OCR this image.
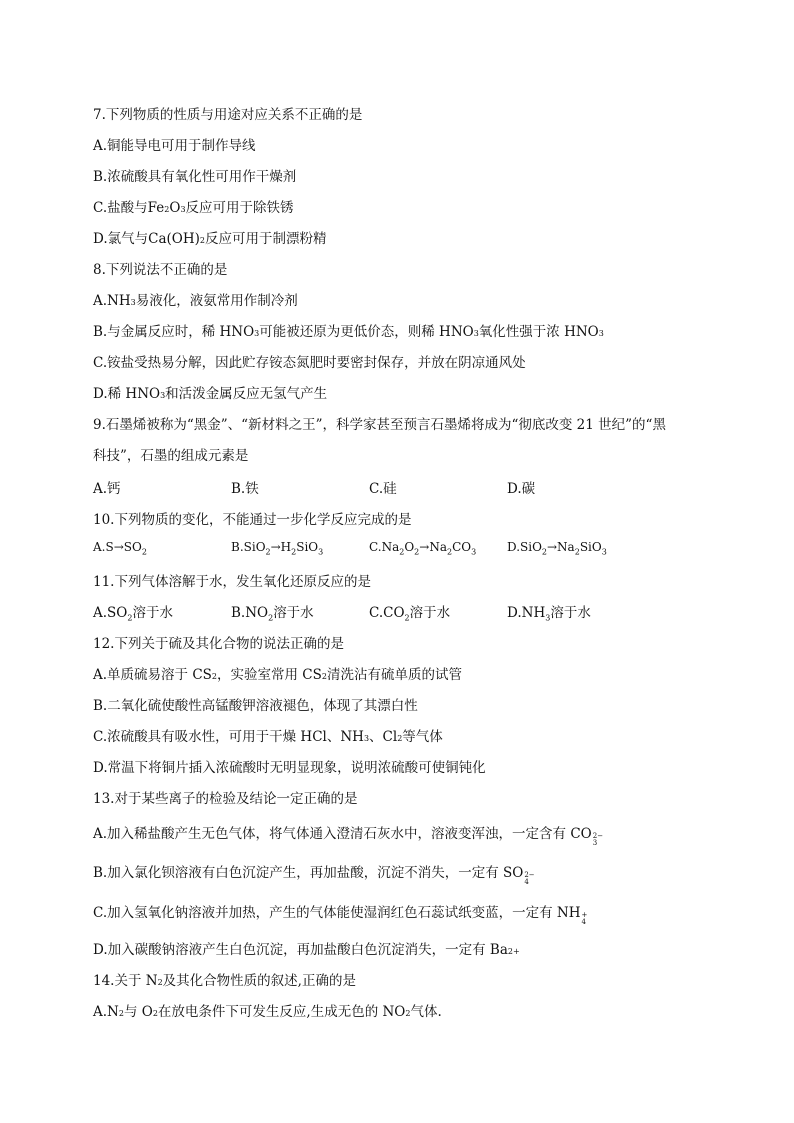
7.下列物质的性质与用途对应关系不正确的是
A.铜能导电可用于制作导线
B.浓硫酸具有氧化性可用作干燥剂
C.盐酸与Fe 2 O 3 反应可用于除铁锈
D.氯气与Ca(OH) 2 反应可用于制漂粉精
8.下列说法不正确的是
A.NH 3 易液化，液氨常用作制冷剂
B.与金属反应时，稀 HNO 3 可能被还原为更低价态，则稀 HNO 3 氧化性强于浓 HNO 3
C.铵盐受热易分解，因此贮存铵态氮肥时要密封保存，并放在阴凉通风处
D.稀 HNO 3 和活泼金属反应无氢气产生
9.石墨烯被称为“黑金”、“新材料之王”，科学家甚至预言石墨烯将成为“彻底改变 21 世纪”的“黑
科技”，石墨的组成元素是
A.钙	B.铁	C.硅	D.碳
10.下列物质的变化，不能通过一步化学反应完成的是
$A.S\to SO_2$	$B.SiO_2\to H_2SiO_3$	$C.Na_2O_2\to Na_2CO_3$	$D.SiO_2\to Na_2SiO_3$
11.下列气体溶解于水，发生氧化还原反应的是
$A.SO_2$溶于水	$B.NO_2$溶于水	$C.CO_2$溶于水	$D.NH_3$溶于水
12.下列关于硫及其化合物的说法正确的是
A.单质硫易溶于 CS 2 ，实验室常用 CS 2 清洗沾有硫单质的试管
B.二氧化硫使酸性高锰酸钾溶液褪色，体现了其漂白性
C.浓硫酸具有吸水性，可用于干燥 HCl、NH 3 、Cl 2 等气体
D.常温下将铜片插入浓硫酸时无明显现象，说明浓硫酸可使铜钝化
13.对于某些离子的检验及结论一定正确的是
A.加入稀盐酸产生无色气体，将气体通入澄清石灰水中，溶液变浑浊，一定含有 CO 2−
3
B.加入氯化钡溶液有白色沉淀产生，再加盐酸，沉淀不消失，一定有 SO 2−
4
C.加入氢氧化钠溶液并加热，产生的气体能使湿润红色石蕊试纸变蓝，一定有 NH +
4
D.加入碳酸钠溶液产生白色沉淀，再加盐酸白色沉淀消失，一定有 Ba 2+
14.关于 N 2 及其化合物性质的叙述,正确的是
A.N 2 与 O 2 在放电条件下可发生反应,生成无色的 NO 2 气体.
